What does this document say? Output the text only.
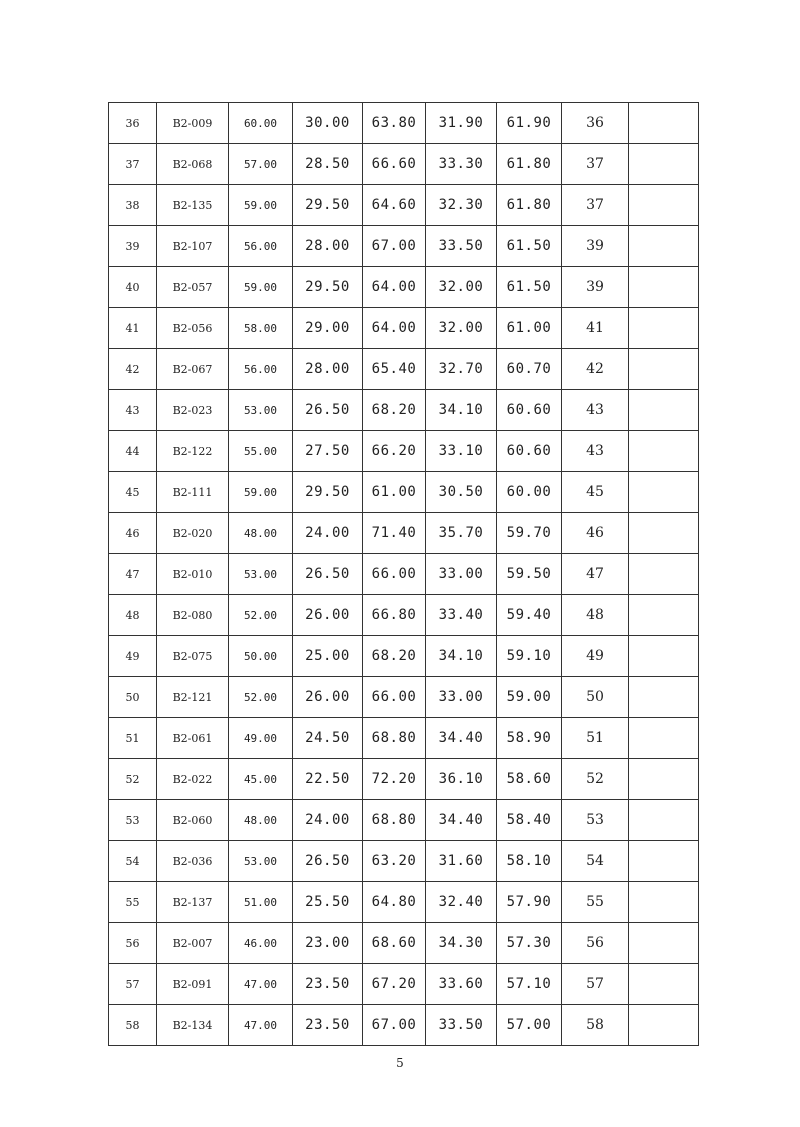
36	B2-009	60.00	30.00	63.80	31.90	61.90	36	
37	B2-068	57.00	28.50	66.60	33.30	61.80	37	
38	B2-135	59.00	29.50	64.60	32.30	61.80	37	
39	B2-107	56.00	28.00	67.00	33.50	61.50	39	
40	B2-057	59.00	29.50	64.00	32.00	61.50	39	
41	B2-056	58.00	29.00	64.00	32.00	61.00	41	
42	B2-067	56.00	28.00	65.40	32.70	60.70	42	
43	B2-023	53.00	26.50	68.20	34.10	60.60	43	
44	B2-122	55.00	27.50	66.20	33.10	60.60	43	
45	B2-111	59.00	29.50	61.00	30.50	60.00	45	
46	B2-020	48.00	24.00	71.40	35.70	59.70	46	
47	B2-010	53.00	26.50	66.00	33.00	59.50	47	
48	B2-080	52.00	26.00	66.80	33.40	59.40	48	
49	B2-075	50.00	25.00	68.20	34.10	59.10	49	
50	B2-121	52.00	26.00	66.00	33.00	59.00	50	
51	B2-061	49.00	24.50	68.80	34.40	58.90	51	
52	B2-022	45.00	22.50	72.20	36.10	58.60	52	
53	B2-060	48.00	24.00	68.80	34.40	58.40	53	
54	B2-036	53.00	26.50	63.20	31.60	58.10	54	
55	B2-137	51.00	25.50	64.80	32.40	57.90	55	
56	B2-007	46.00	23.00	68.60	34.30	57.30	56	
57	B2-091	47.00	23.50	67.20	33.60	57.10	57	
58	B2-134	47.00	23.50	67.00	33.50	57.00	58	
5
